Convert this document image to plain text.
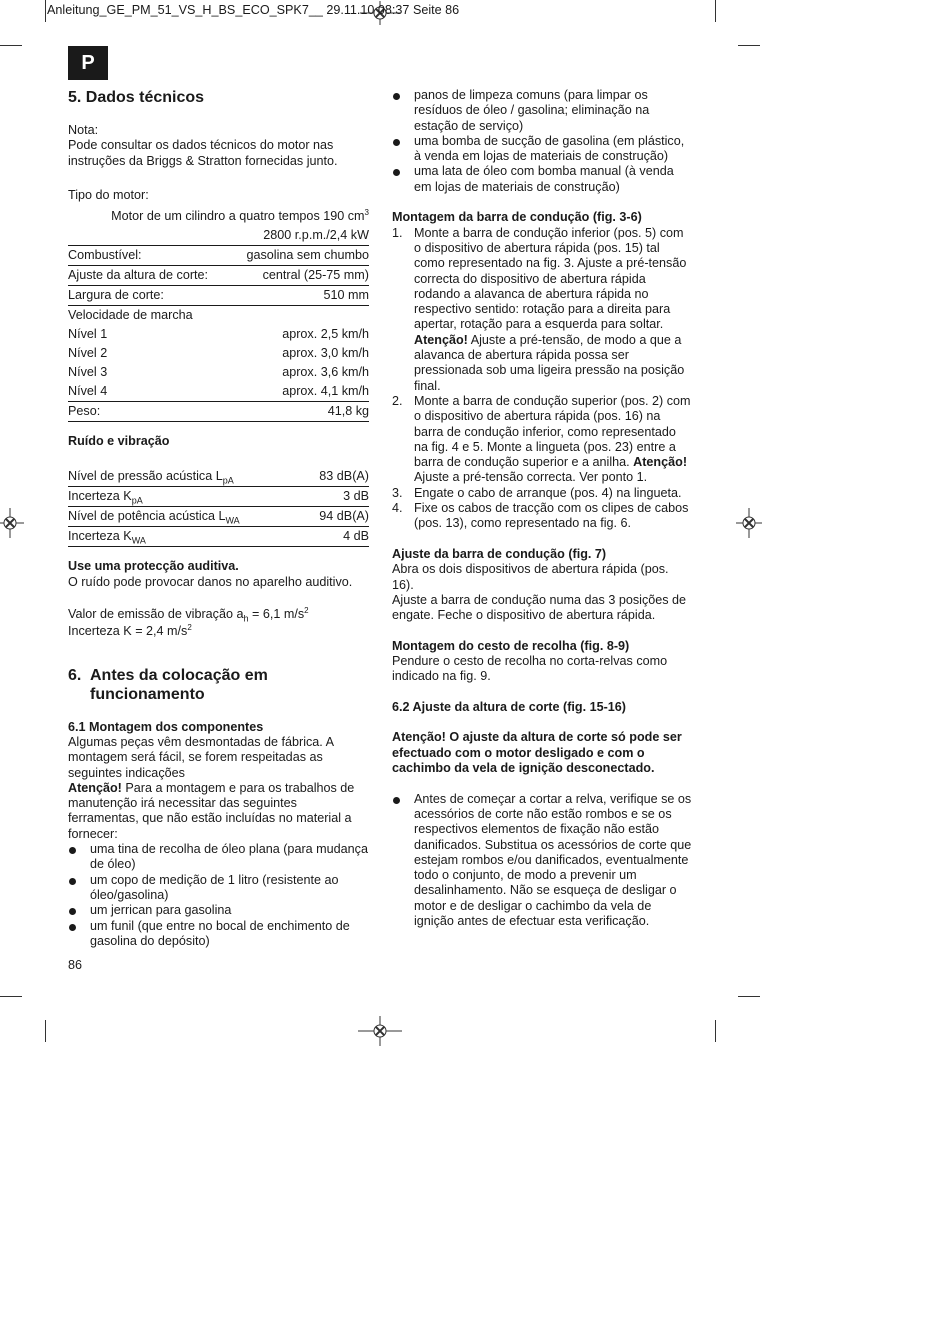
Anleitung_GE_PM_51_VS_H_BS_ECO_SPK7__ 29.11.10 08:37 Seite 86
P
5. Dados técnicos

Nota:

Pode consultar os dados técnicos do motor nas instruções da Briggs & Stratton fornecidas junto.

Tipo do motor:

Motor de um cilindro a quatro tempos 190 $cm^3$

2800 r.p.m./2,4 kW
Combustível:	gasolina sem chumbo
Ajuste da altura de corte:	central (25-75 mm)
Largura de corte:	510 mm
Velocidade de marcha
Nível 1	aprox. 2,5 km/h
Nível 2	aprox. 3,0 km/h
Nível 3	aprox. 3,6 km/h
Nível 4	aprox. 4,1 km/h
Peso:	41,8 kg

Ruído e vibração

Nível de pressão acústica $L_{pA}$	83 dB(A)
Incerteza $K_{pA}$	3 dB
Nível de potência acústica $L_{WA}$	94 dB(A)
Incerteza $K_{WA}$	4 dB

Use uma protecção auditiva.

O ruído pode provocar danos no aparelho auditivo.

Valor de emissão de vibração $a_h = 6,1$ $m/s^2$

Incerteza K = 2,4 $m/s^2$

6. Antes da colocação em
funcionamento

6.1 Montagem dos componentes

Algumas peças vêm desmontadas de fábrica. A montagem será fácil, se forem respeitadas as seguintes indicações

Atenção! Para a montagem e para os trabalhos de manutenção irá necessitar das seguintes ferramentas, que não estão incluídas no material a fornecer:

uma tina de recolha de óleo plana (para mudança de óleo)

um copo de medição de 1 litro (resistente ao óleo/gasolina)

um jerrican para gasolina

um funil (que entre no bocal de enchimento de gasolina do depósito)

86

panos de limpeza comuns (para limpar os resíduos de óleo / gasolina; eliminação na estação de serviço)

uma bomba de sucção de gasolina (em plástico, à venda em lojas de materiais de construção)

uma lata de óleo com bomba manual (à venda em lojas de materiais de construção)

Montagem da barra de condução (fig. 3-6)

1. Monte a barra de condução inferior (pos. 5) com o dispositivo de abertura rápida (pos. 15) tal como representado na fig. 3. Ajuste a pré-tensão correcta do dispositivo de abertura rápida rodando a alavanca de abertura rápida no respectivo sentido: rotação para a direita para apertar, rotação para a esquerda para soltar. Atenção! Ajuste a pré-tensão, de modo a que a alavanca de abertura rápida possa ser pressionada sob uma ligeira pressão na posição final.

2. Monte a barra de condução superior (pos. 2) com o dispositivo de abertura rápida (pos. 16) na barra de condução inferior, como representado na fig. 4 e 5. Monte a lingueta (pos. 23) entre a barra de condução superior e a anilha. Atenção! Ajuste a pré-tensão correcta. Ver ponto 1.

3. Engate o cabo de arranque (pos. 4) na lingueta.

4. Fixe os cabos de tracção com os clipes de cabos (pos. 13), como representado na fig. 6.

Ajuste da barra de condução (fig. 7)

Abra os dois dispositivos de abertura rápida (pos. 16).

Ajuste a barra de condução numa das 3 posições de engate. Feche o dispositivo de abertura rápida.

Montagem do cesto de recolha (fig. 8-9)

Pendure o cesto de recolha no corta-relvas como indicado na fig. 9.

6.2 Ajuste da altura de corte (fig. 15-16)

Atenção! O ajuste da altura de corte só pode ser efectuado com o motor desligado e com o cachimbo da vela de ignição desconectado.

Antes de começar a cortar a relva, verifique se os acessórios de corte não estão rombos e se os respectivos elementos de fixação não estão danificados. Substitua os acessórios de corte que estejam rombos e/ou danificados, eventualmente todo o conjunto, de modo a prevenir um desalinhamento. Não se esqueça de desligar o motor e de desligar o cachimbo da vela de ignição antes de efectuar esta verificação.
